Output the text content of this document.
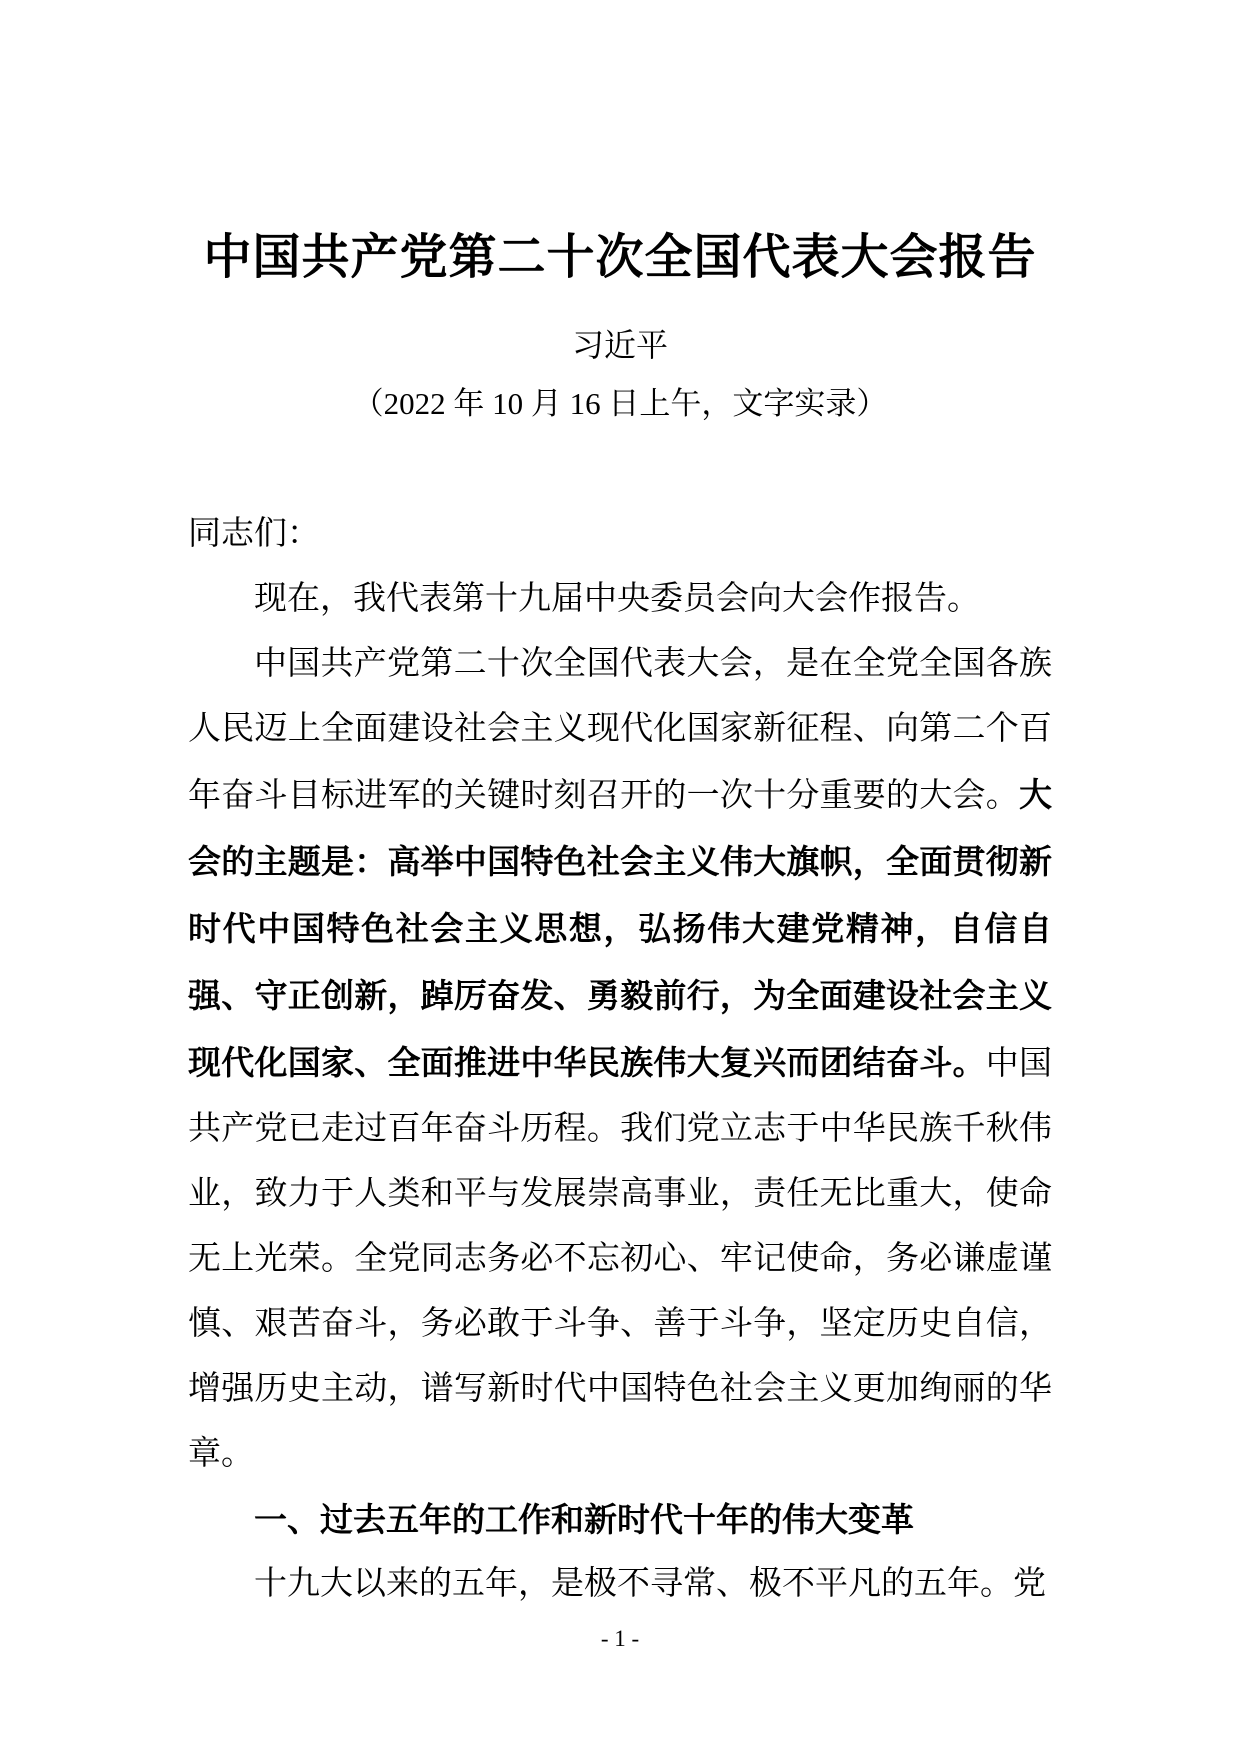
中国共产党第二十次全国代表大会报告
习近平
（2022 年 10 月 16 日上午，文字实录）

同志们：

现在，我代表第十九届中央委员会向大会作报告。

中国共产党第二十次全国代表大会，是在全党全国各族人民迈上全面建设社会主义现代化国家新征程、向第二个百年奋斗目标进军的关键时刻召开的一次十分重要的大会。大会的主题是：高举中国特色社会主义伟大旗帜，全面贯彻新时代中国特色社会主义思想，弘扬伟大建党精神，自信自强、守正创新，踔厉奋发、勇毅前行，为全面建设社会主义现代化国家、全面推进中华民族伟大复兴而团结奋斗。中国共产党已走过百年奋斗历程。我们党立志于中华民族千秋伟业，致力于人类和平与发展崇高事业，责任无比重大，使命无上光荣。全党同志务必不忘初心、牢记使命，务必谦虚谨慎、艰苦奋斗，务必敢于斗争、善于斗争，坚定历史自信，增强历史主动，谱写新时代中国特色社会主义更加绚丽的华章。

一、过去五年的工作和新时代十年的伟大变革

十九大以来的五年，是极不寻常、极不平凡的五年。党

- 1 -
